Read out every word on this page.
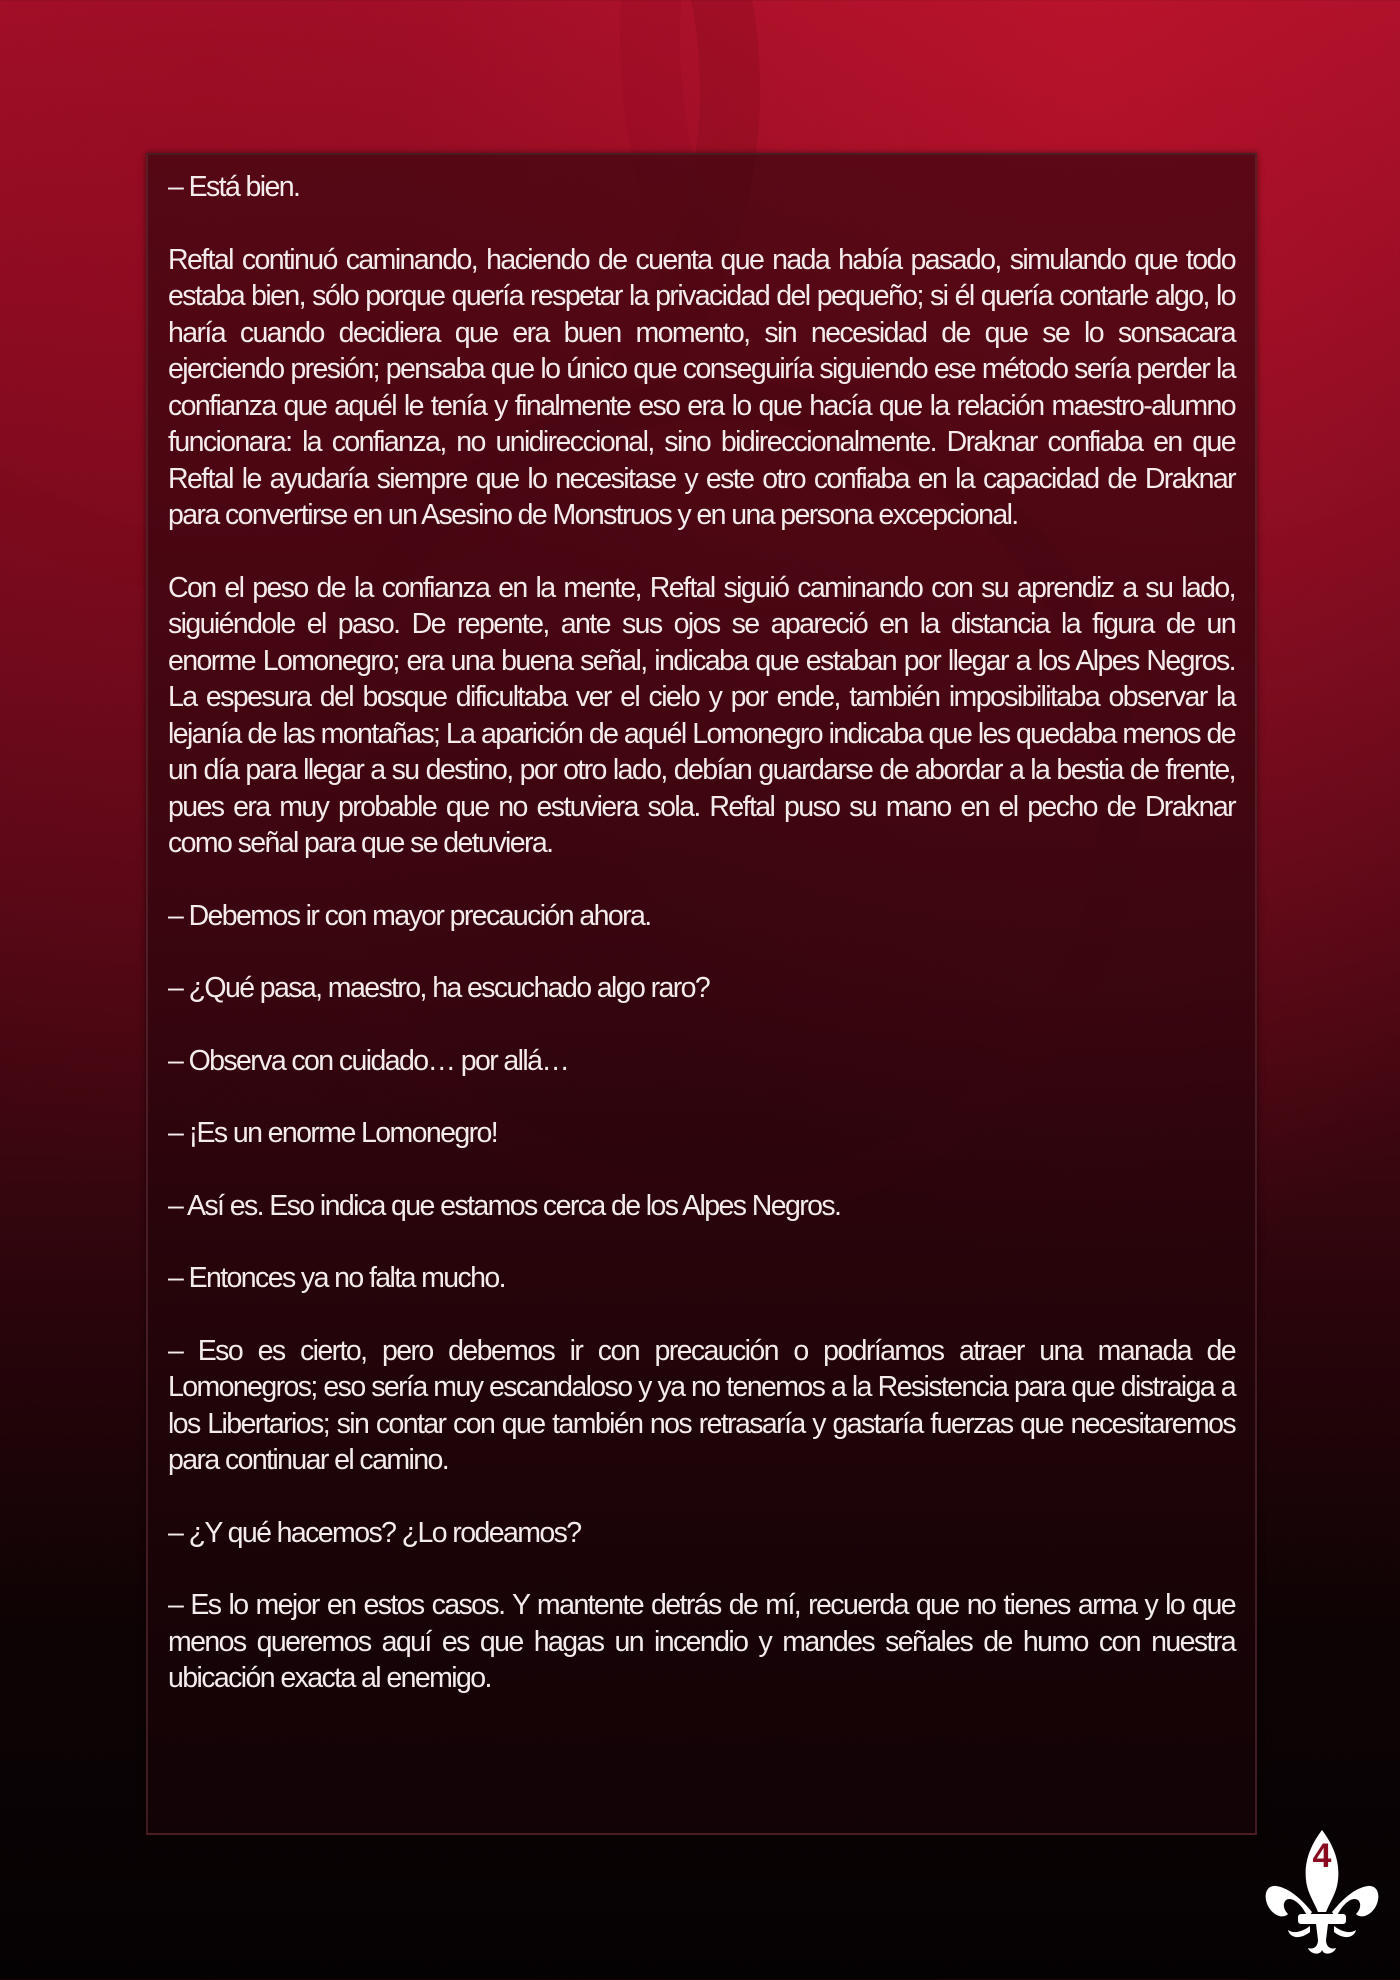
– Está bien.

Reftal continuó caminando, haciendo de cuenta que nada había pasado, simulando que todo estaba bien, sólo porque quería respetar la privacidad del pequeño; si él quería contarle algo, lo haría cuando decidiera que era buen momento, sin necesidad de que se lo sonsacara ejerciendo presión; pensaba que lo único que conseguiría siguiendo ese método sería perder la confianza que aquél le tenía y finalmente eso era lo que hacía que la relación maestro-alumno funcionara: la confianza, no unidireccional, sino bidireccionalmente. Draknar confiaba en que Reftal le ayudaría siempre que lo necesitase y este otro confiaba en la capacidad de Draknar para convertirse en un Asesino de Monstruos y en una persona excepcional.

Con el peso de la confianza en la mente, Reftal siguió caminando con su aprendiz a su lado, siguiéndole el paso. De repente, ante sus ojos se apareció en la distancia la figura de un enorme Lomonegro; era una buena señal, indicaba que estaban por llegar a los Alpes Negros. La espesura del bosque dificultaba ver el cielo y por ende, también imposibilitaba observar la lejanía de las montañas; La aparición de aquél Lomonegro indicaba que les quedaba menos de un día para llegar a su destino, por otro lado, debían guardarse de abordar a la bestia de frente, pues era muy probable que no estuviera sola. Reftal puso su mano en el pecho de Draknar como señal para que se detuviera.

– Debemos ir con mayor precaución ahora.

– ¿Qué pasa, maestro, ha escuchado algo raro?

– Observa con cuidado… por allá…

– ¡Es un enorme Lomonegro!

– Así es. Eso indica que estamos cerca de los Alpes Negros.

– Entonces ya no falta mucho.

– Eso es cierto, pero debemos ir con precaución o podríamos atraer una manada de Lomonegros; eso sería muy escandaloso y ya no tenemos a la Resistencia para que distraiga a los Libertarios; sin contar con que también nos retrasaría y gastaría fuerzas que necesitaremos para continuar el camino.

– ¿Y qué hacemos? ¿Lo rodeamos?

– Es lo mejor en estos casos. Y mantente detrás de mí, recuerda que no tienes arma y lo que menos queremos aquí es que hagas un incendio y mandes señales de humo con nuestra ubicación exacta al enemigo.

4
